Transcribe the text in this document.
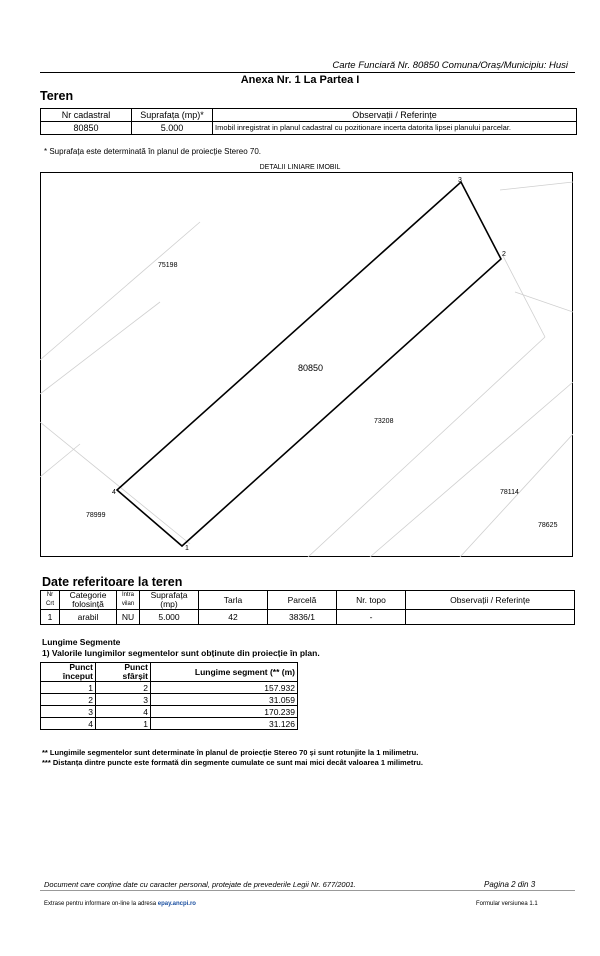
Carte Funciară Nr. 80850 Comuna/Oraș/Municipiu: Husi
Anexa Nr. 1 La Partea I
Teren
Nr cadastral	Suprafața (mp)*	Observații / Referințe
80850	5.000	Imobil inregistrat in planul cadastral cu pozitionare incerta datorita lipsei planului parcelar.
* Suprafața este determinată în planul de proiecție Stereo 70.
DETALII LINIARE IMOBIL
1
2
3
4
80850
75198
73208
78999
78114
78625
Date referitoare la teren
Nr Crt	Categorie folosință	Intra vilan	Suprafața (mp)	Tarla	Parcelă	Nr. topo	Observații / Referințe
1	arabil	NU	5.000	42	3836/1	-	
Lungime Segmente
1) Valorile lungimilor segmentelor sunt obținute din proiecție în plan.
Punct început	Punct sfârșit	Lungime segment (** (m)
1	2	157.932
2	3	31.059
3	4	170.239
4	1	31.126
** Lungimile segmentelor sunt determinate în planul de proiecție Stereo 70 și sunt rotunjite la 1 milimetru.
*** Distanța dintre puncte este formată din segmente cumulate ce sunt mai mici decât valoarea 1 milimetru.
Document care conține date cu caracter personal, protejate de prevederile Legii Nr. 677/2001.	Pagina 2 din 3
Extrase pentru informare on-line la adresa epay.ancpi.ro	Formular versiunea 1.1
